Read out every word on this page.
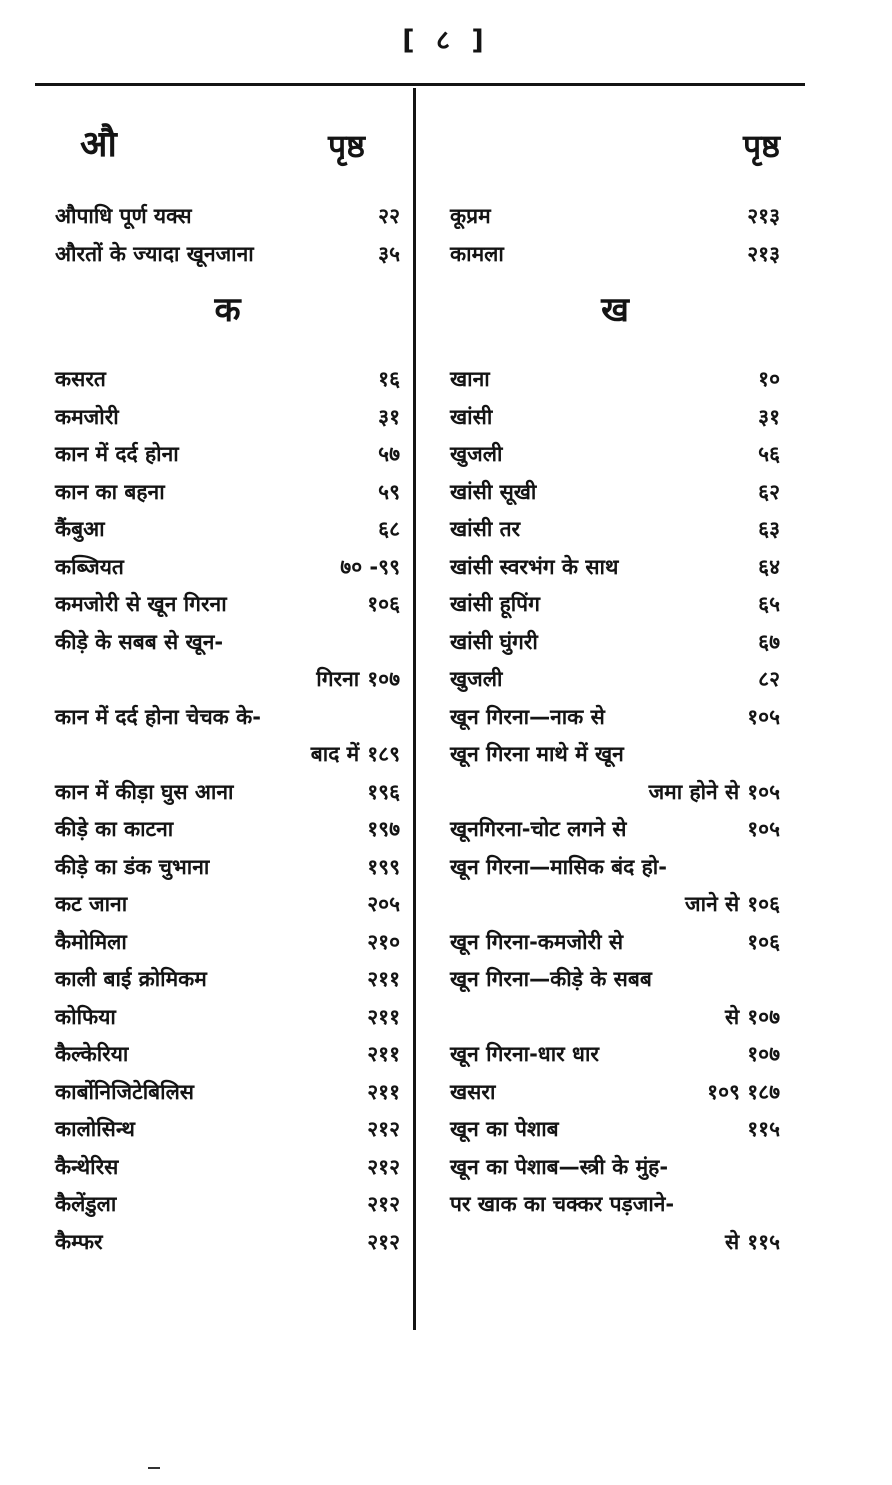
[ ८ ]
औ	पृष्ठ
औपाधि पूर्ण यक्स	२२
औरतों के ज्यादा खूनजाना	३५
क
कसरत	१६
कमजोरी	३१
कान में दर्द होना	५७
कान का बहना	५९
कैंबुआ	६८
कब्जियत	७० -९९
कमजोरी से खून गिरना	१०६
कीड़े के सबब से खून-
गिरना १०७
कान में दर्द होना चेचक के-
बाद में १८९
कान में कीड़ा घुस आना	१९६
कीड़े का काटना	१९७
कीड़े का डंक चुभाना	१९९
कट जाना	२०५
कैमोमिला	२१०
काली बाई क्रोमिकम	२११
कोफिया	२११
कैल्केरिया	२११
कार्बोनिजिटेबिलिस	२११
कालोसिन्थ	२१२
कैन्थेरिस	२१२
कैलेंडुला	२१२
कैम्फर	२१२
पृष्ठ
कूप्रम	२१३
कामला	२१३
ख
खाना	१०
खांसी	३१
खुजली	५६
खांसी सूखी	६२
खांसी तर	६३
खांसी स्वरभंग के साथ	६४
खांसी हूपिंग	६५
खांसी घुंगरी	६७
खुजली	८२
खून गिरना—नाक से	१०५
खून गिरना माथे में खून
जमा होने से १०५
खूनगिरना-चोट लगने से	१०५
खून गिरना—मासिक बंद हो-
जाने से १०६
खून गिरना-कमजोरी से	१०६
खून गिरना—कीड़े के सबब
से १०७
खून गिरना-धार धार	१०७
खसरा	१०९ १८७
खून का पेशाब	११५
खून का पेशाब—स्त्री के मुंह-
पर खाक का चक्कर पड़जाने-
से ११५
